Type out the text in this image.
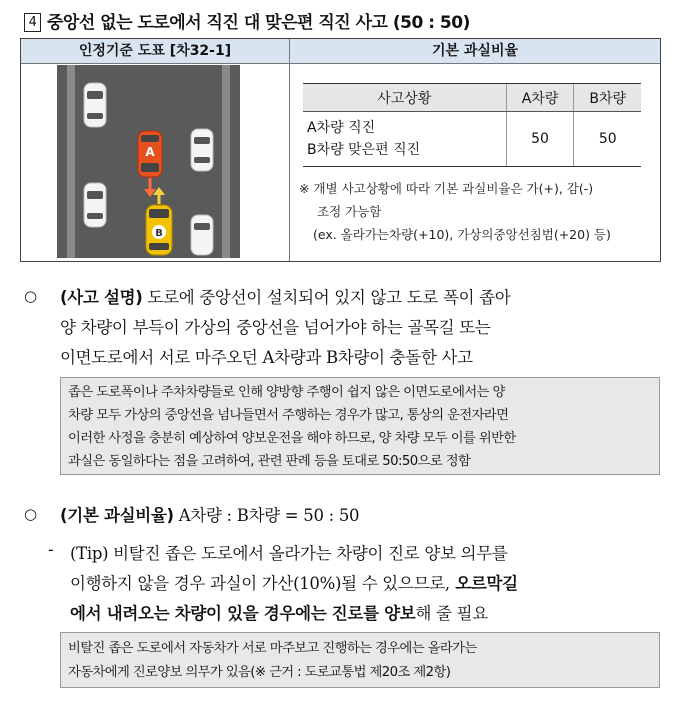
4 중앙선 없는 도로에서 직진 대 맞은편 직진 사고 (50 : 50)
인정기준 도표 [차32-1]	기본 과실비율
A
B
사고상황	A차량	B차량

A차량 직진
B차량 맞은편 직진	50	50
※ 개별 사고상황에 따라 기본 과실비율은 가(+), 감(-)
조정 가능함
(ex. 올라가는차량(+10), 가상의중앙선침범(+20) 등)
○ (사고 설명) 도로에 중앙선이 설치되어 있지 않고 도로 폭이 좁아
양 차량이 부득이 가상의 중앙선을 넘어가야 하는 골목길 또는
이면도로에서 서로 마주오던 A차량과 B차량이 충돌한 사고
좁은 도로폭이나 주차차량들로 인해 양방향 주행이 쉽지 않은 이면도로에서는 양
차량 모두 가상의 중앙선을 넘나들면서 주행하는 경우가 많고, 통상의 운전자라면
이러한 사정을 충분히 예상하여 양보운전을 해야 하므로, 양 차량 모두 이를 위반한
과실은 동일하다는 점을 고려하여, 관련 판례 등을 토대로 50:50으로 정함
○ (기본 과실비율) A차량 : B차량 = 50 : 50
- (Tip) 비탈진 좁은 도로에서 올라가는 차량이 진로 양보 의무를
이행하지 않을 경우 과실이 가산(10%)될 수 있으므로, 오르막길
에서 내려오는 차량이 있을 경우에는 진로를 양보해 줄 필요
비탈진 좁은 도로에서 자동차가 서로 마주보고 진행하는 경우에는 올라가는
자동차에게 진로양보 의무가 있음(※ 근거 : 도로교통법 제20조 제2항)
